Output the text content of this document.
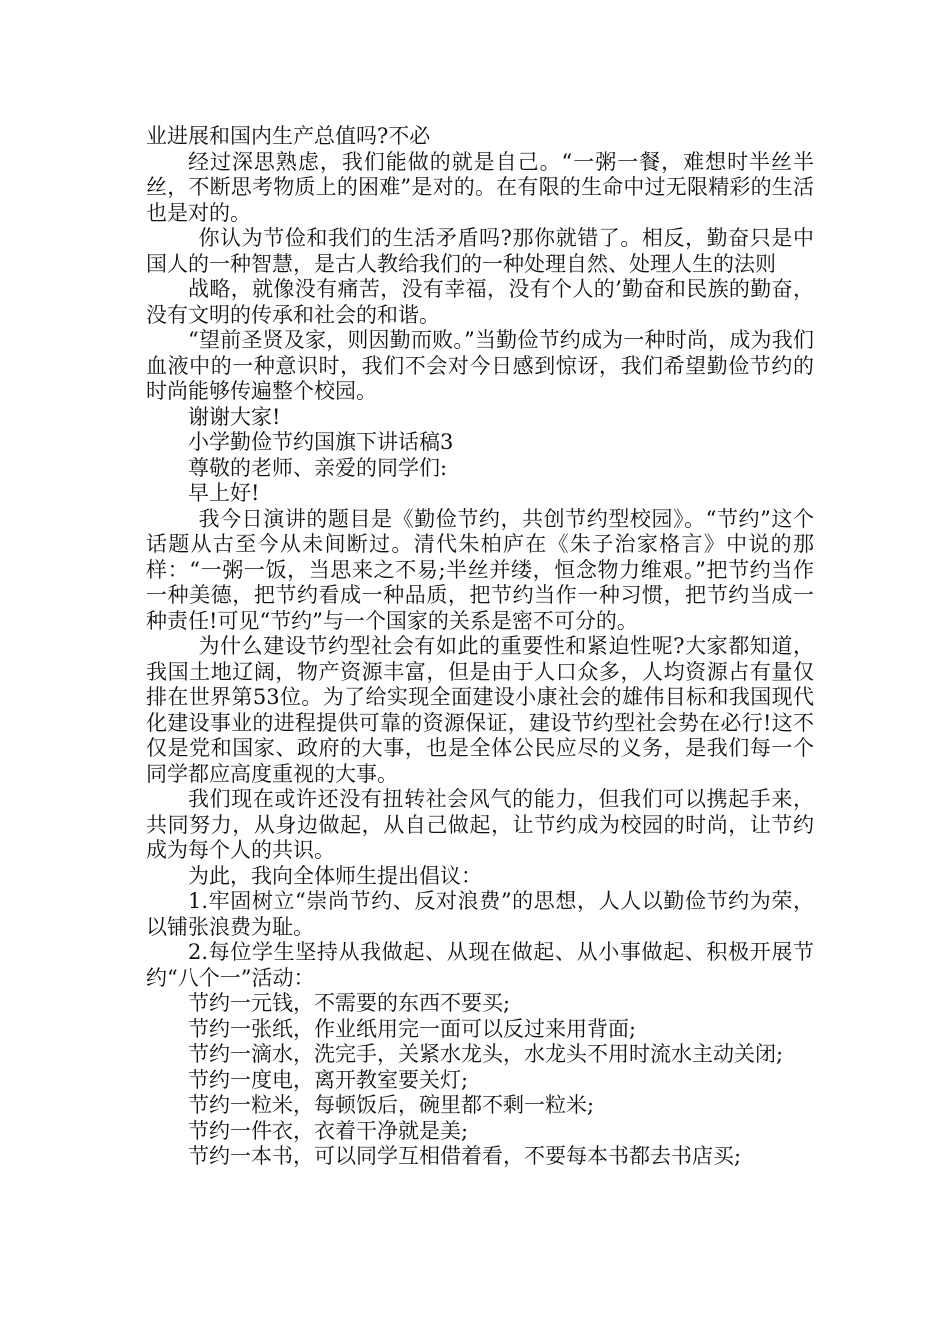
业进展和国内生产总值吗?不必

经过深思熟虑，我们能做的就是自己。“一粥一餐，难想时半丝半丝，不断思考物质上的困难”是对的。在有限的生命中过无限精彩的生活也是对的。

你认为节俭和我们的生活矛盾吗?那你就错了。相反，勤奋只是中国人的一种智慧，是古人教给我们的一种处理自然、处理人生的法则

战略，就像没有痛苦，没有幸福，没有个人的’勤奋和民族的勤奋，没有文明的传承和社会的和谐。

“望前圣贤及家，则因勤而败。”当勤俭节约成为一种时尚，成为我们血液中的一种意识时，我们不会对今日感到惊讶，我们希望勤俭节约的时尚能够传遍整个校园。

谢谢大家!

小学勤俭节约国旗下讲话稿3

尊敬的老师、亲爱的同学们:

早上好!

我今日演讲的题目是《勤俭节约，共创节约型校园》。“节约”这个话题从古至今从未间断过。清代朱柏庐在《朱子治家格言》中说的那样：“一粥一饭，当思来之不易;半丝并缕，恒念物力维艰。”把节约当作一种美德，把节约看成一种品质，把节约当作一种习惯，把节约当成一种责任!可见“节约”与一个国家的关系是密不可分的。

为什么建设节约型社会有如此的重要性和紧迫性呢?大家都知道，我国土地辽阔，物产资源丰富，但是由于人口众多，人均资源占有量仅排在世界第53位。为了给实现全面建设小康社会的雄伟目标和我国现代化建设事业的进程提供可靠的资源保证，建设节约型社会势在必行!这不仅是党和国家、政府的大事，也是全体公民应尽的义务，是我们每一个同学都应高度重视的大事。

我们现在或许还没有扭转社会风气的能力，但我们可以携起手来，共同努力，从身边做起，从自己做起，让节约成为校园的时尚，让节约成为每个人的共识。

为此，我向全体师生提出倡议：

1.牢固树立“崇尚节约、反对浪费”的思想，人人以勤俭节约为荣，以铺张浪费为耻。

2.每位学生坚持从我做起、从现在做起、从小事做起、积极开展节约“八个一”活动：

节约一元钱，不需要的东西不要买;

节约一张纸，作业纸用完一面可以反过来用背面;

节约一滴水，洗完手，关紧水龙头，水龙头不用时流水主动关闭;

节约一度电，离开教室要关灯;

节约一粒米，每顿饭后，碗里都不剩一粒米;

节约一件衣，衣着干净就是美;

节约一本书，可以同学互相借着看，不要每本书都去书店买;
